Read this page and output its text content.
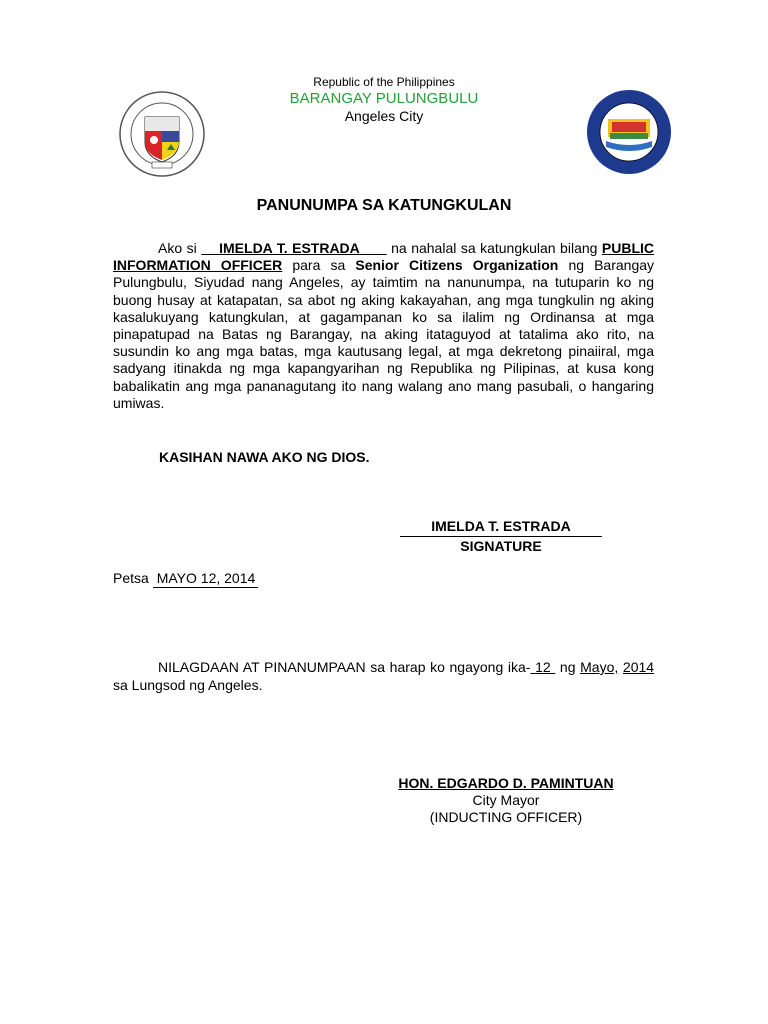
Republic of the Philippines
BARANGAY PULUNGBULU
Angeles City
PANUNUMPA SA KATUNGKULAN
Ako si IMELDA T. ESTRADA na nahalal sa katungkulan bilang PUBLIC INFORMATION OFFICER para sa Senior Citizens Organization ng Barangay Pulungbulu, Siyudad nang Angeles, ay taimtim na nanunumpa, na tutuparin ko ng buong husay at katapatan, sa abot ng aking kakayahan, ang mga tungkulin ng aking kasalukuyang katungkulan, at gagampanan ko sa ilalim ng Ordinansa at mga pinapatupad na Batas ng Barangay, na aking itataguyod at tatalima ako rito, na susundin ko ang mga batas, mga kautusang legal, at mga dekretong pinaiiral, mga sadyang itinakda ng mga kapangyarihan ng Republika ng Pilipinas, at kusa kong babalikatin ang mga pananagutang ito nang walang ano mang pasubali, o hangaring umiwas.
KASIHAN NAWA AKO NG DIOS.
IMELDA T. ESTRADA
SIGNATURE
Petsa MAYO 12, 2014
NILAGDAAN AT PINANUMPAAN sa harap ko ngayong ika- 12 ng Mayo, 2014 sa Lungsod ng Angeles.
HON. EDGARDO D. PAMINTUAN
City Mayor
(INDUCTING OFFICER)
